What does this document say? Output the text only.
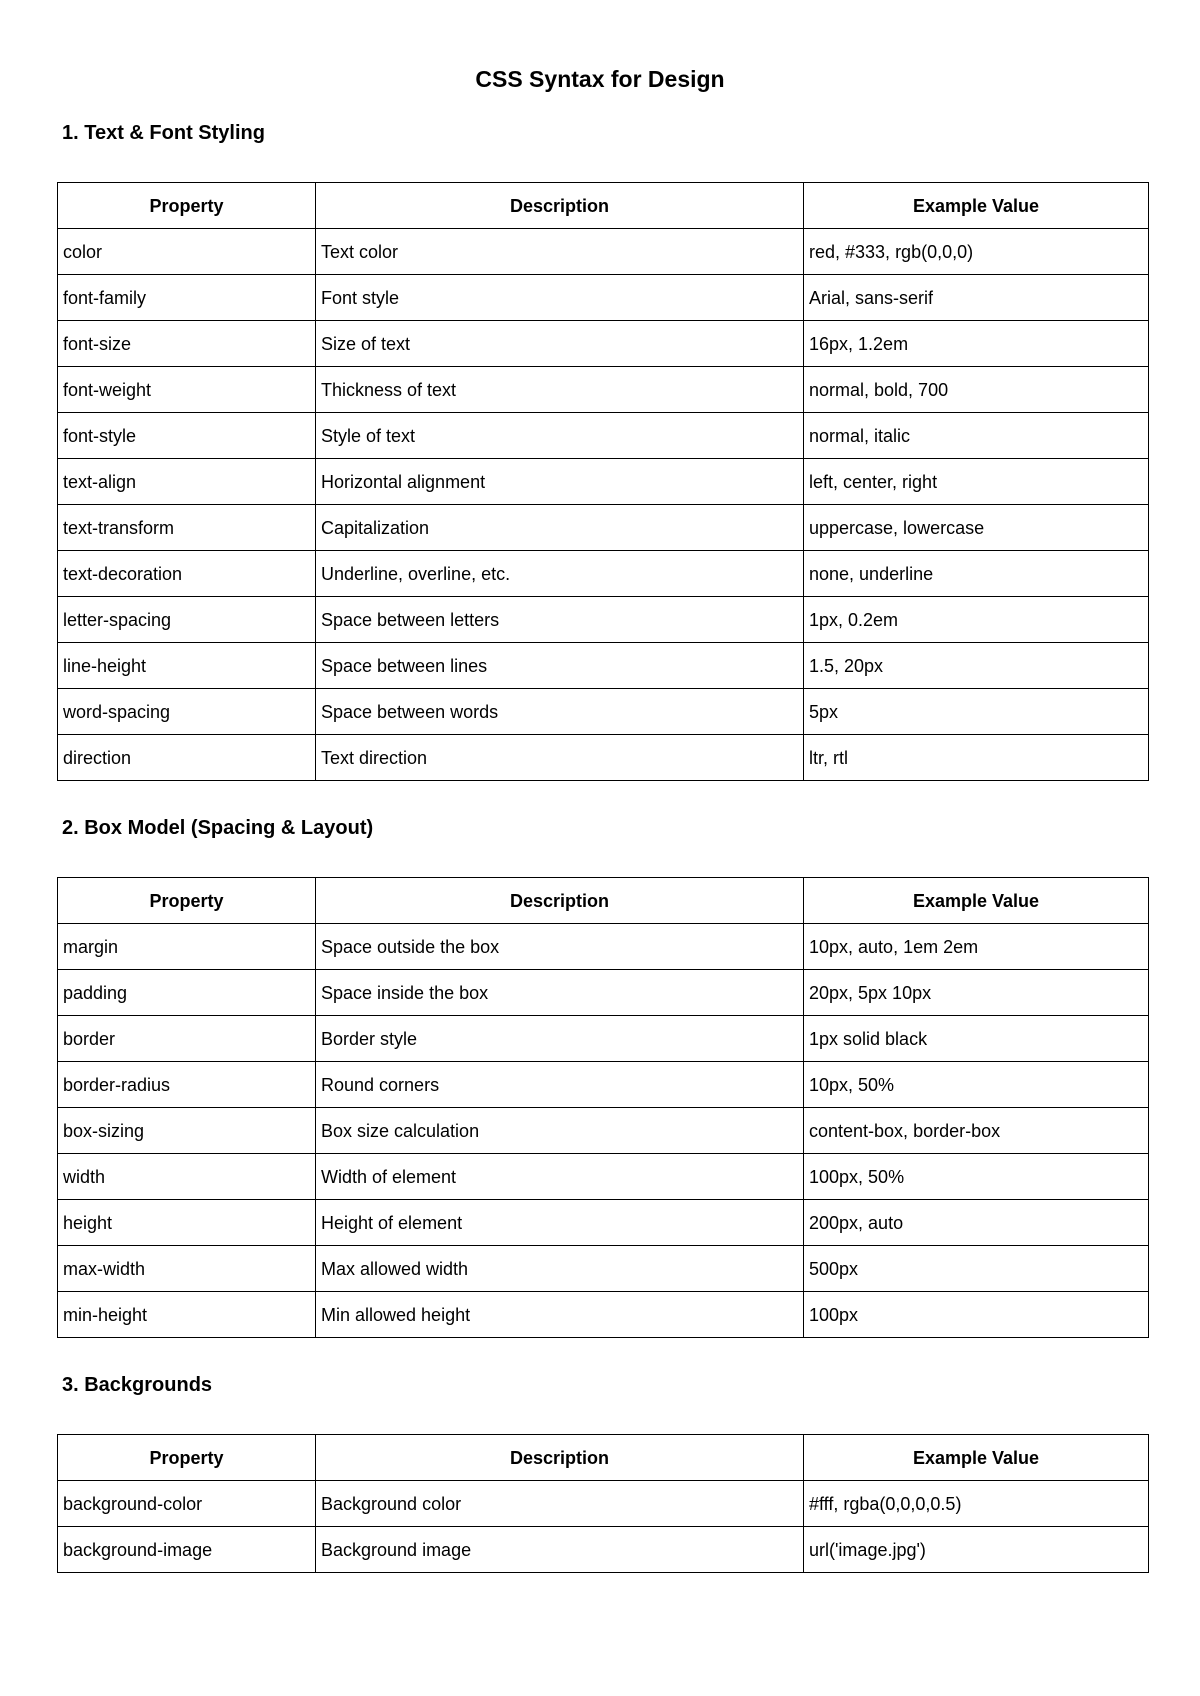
CSS Syntax for Design
1. Text & Font Styling
Property	Description	Example Value
color	Text color	red, #333, rgb(0,0,0)
font-family	Font style	Arial, sans-serif
font-size	Size of text	16px, 1.2em
font-weight	Thickness of text	normal, bold, 700
font-style	Style of text	normal, italic
text-align	Horizontal alignment	left, center, right
text-transform	Capitalization	uppercase, lowercase
text-decoration	Underline, overline, etc.	none, underline
letter-spacing	Space between letters	1px, 0.2em
line-height	Space between lines	1.5, 20px
word-spacing	Space between words	5px
direction	Text direction	ltr, rtl
2. Box Model (Spacing & Layout)
Property	Description	Example Value
margin	Space outside the box	10px, auto, 1em 2em
padding	Space inside the box	20px, 5px 10px
border	Border style	1px solid black
border-radius	Round corners	10px, 50%
box-sizing	Box size calculation	content-box, border-box
width	Width of element	100px, 50%
height	Height of element	200px, auto
max-width	Max allowed width	500px
min-height	Min allowed height	100px
3. Backgrounds
Property	Description	Example Value
background-color	Background color	#fff, rgba(0,0,0,0.5)
background-image	Background image	url('image.jpg')
